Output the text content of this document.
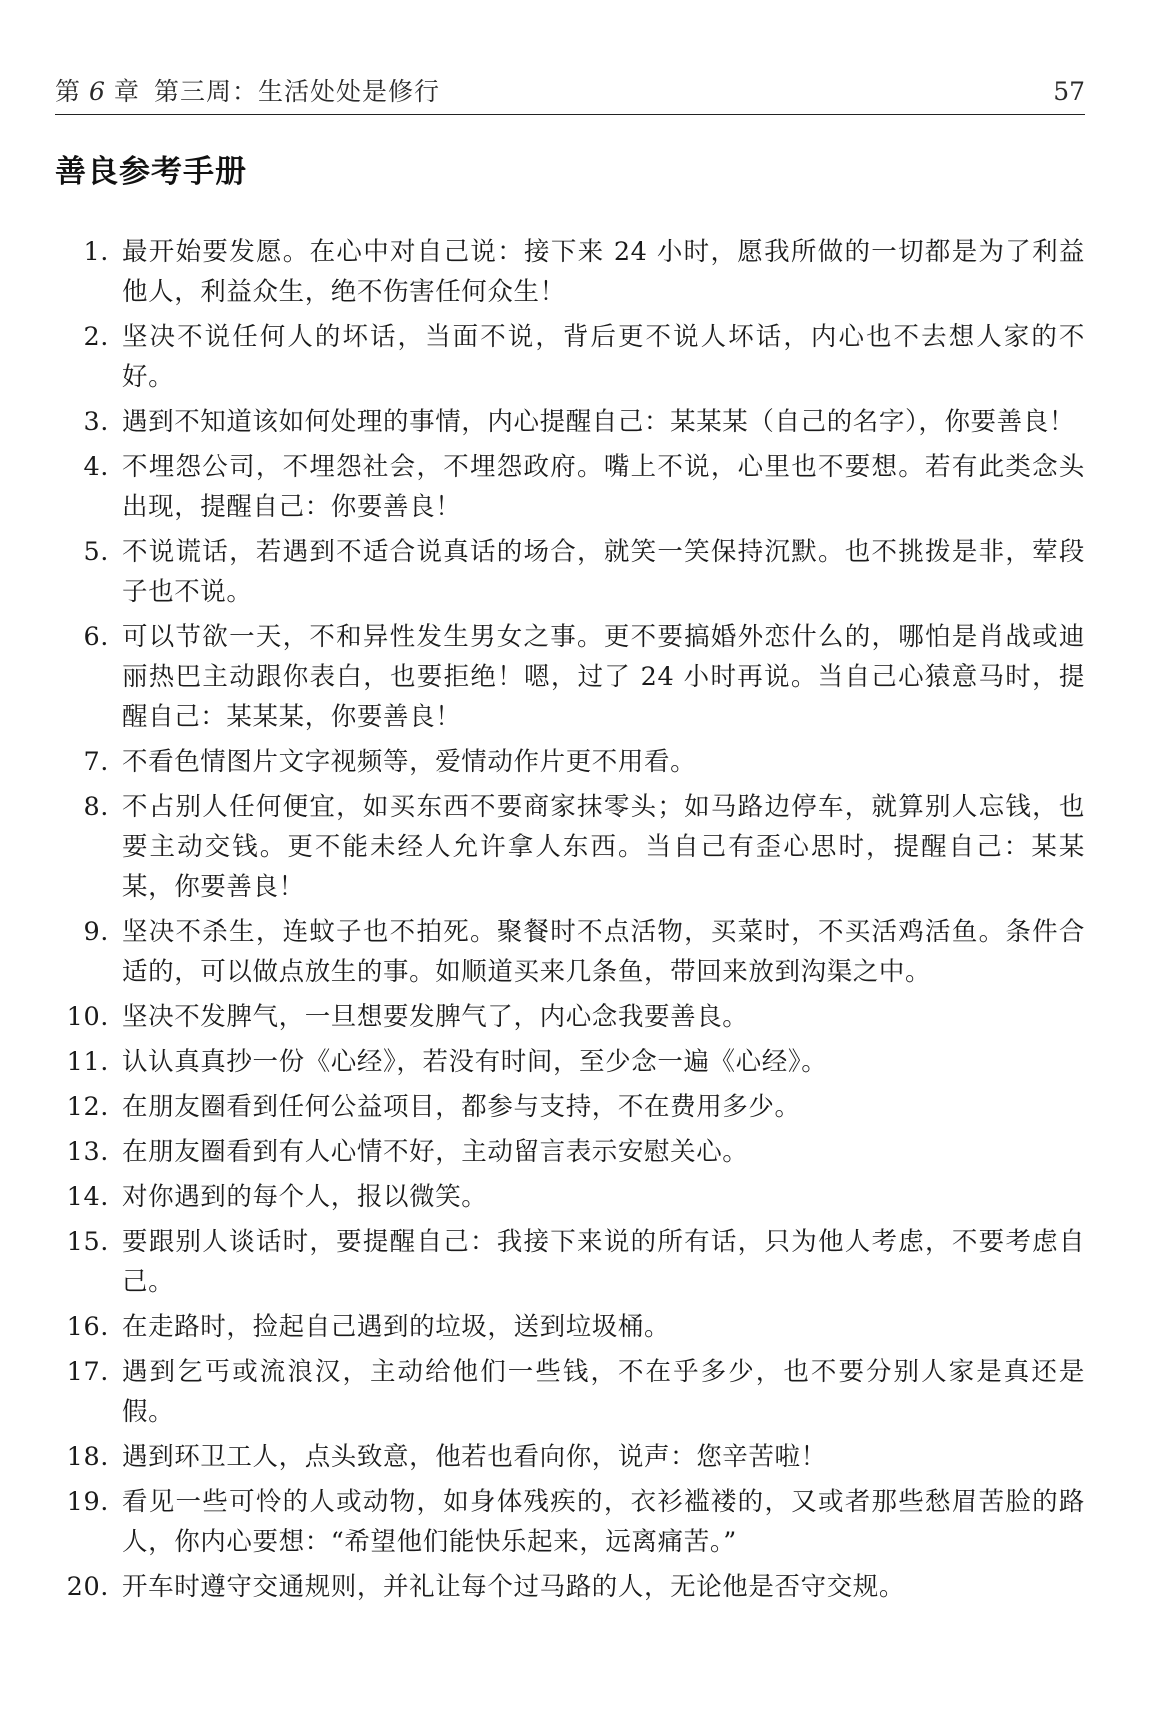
第 6 章 第三周：生活处处是修行	57
善良参考手册
1. 最开始要发愿。在心中对自己说：接下来 24 小时，愿我所做的一切都是为了利益他人，利益众生，绝不伤害任何众生！
2. 坚决不说任何人的坏话，当面不说，背后更不说人坏话，内心也不去想人家的不好。
3. 遇到不知道该如何处理的事情，内心提醒自己：某某某（自己的名字），你要善良！
4. 不埋怨公司，不埋怨社会，不埋怨政府。嘴上不说，心里也不要想。若有此类念头出现，提醒自己：你要善良！
5. 不说谎话，若遇到不适合说真话的场合，就笑一笑保持沉默。也不挑拨是非，荤段子也不说。
6. 可以节欲一天，不和异性发生男女之事。更不要搞婚外恋什么的，哪怕是肖战或迪丽热巴主动跟你表白，也要拒绝！嗯，过了 24 小时再说。当自己心猿意马时，提醒自己：某某某，你要善良！
7. 不看色情图片文字视频等，爱情动作片更不用看。
8. 不占别人任何便宜，如买东西不要商家抹零头；如马路边停车，就算别人忘钱，也要主动交钱。更不能未经人允许拿人东西。当自己有歪心思时，提醒自己：某某某，你要善良！
9. 坚决不杀生，连蚊子也不拍死。聚餐时不点活物，买菜时，不买活鸡活鱼。条件合适的，可以做点放生的事。如顺道买来几条鱼，带回来放到沟渠之中。
10. 坚决不发脾气，一旦想要发脾气了，内心念我要善良。
11. 认认真真抄一份《心经》，若没有时间，至少念一遍《心经》。
12. 在朋友圈看到任何公益项目，都参与支持，不在费用多少。
13. 在朋友圈看到有人心情不好，主动留言表示安慰关心。
14. 对你遇到的每个人，报以微笑。
15. 要跟别人谈话时，要提醒自己：我接下来说的所有话，只为他人考虑，不要考虑自己。
16. 在走路时，捡起自己遇到的垃圾，送到垃圾桶。
17. 遇到乞丐或流浪汉，主动给他们一些钱，不在乎多少，也不要分别人家是真还是假。
18. 遇到环卫工人，点头致意，他若也看向你，说声：您辛苦啦！
19. 看见一些可怜的人或动物，如身体残疾的，衣衫褴褛的，又或者那些愁眉苦脸的路人，你内心要想：“希望他们能快乐起来，远离痛苦。”
20. 开车时遵守交通规则，并礼让每个过马路的人，无论他是否守交规。
